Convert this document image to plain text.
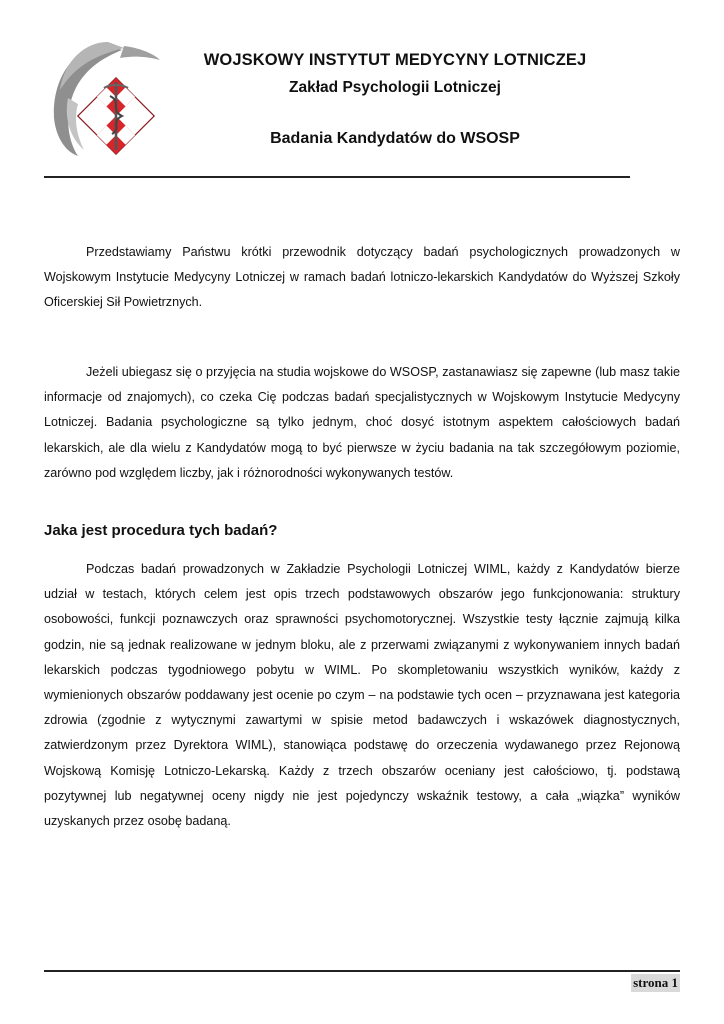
WOJSKOWY INSTYTUT MEDYCYNY LOTNICZEJ
Zakład Psychologii Lotniczej
Badania Kandydatów do WSOSP

Przedstawiamy Państwu krótki przewodnik dotyczący badań psychologicznych prowadzonych w Wojskowym Instytucie Medycyny Lotniczej w ramach badań lotniczo-lekarskich Kandydatów do Wyższej Szkoły Oficerskiej Sił Powietrznych.

Jeżeli ubiegasz się o przyjęcia na studia wojskowe do WSOSP, zastanawiasz się zapewne (lub masz takie informacje od znajomych), co czeka Cię podczas badań specjalistycznych w Wojskowym Instytucie Medycyny Lotniczej. Badania psychologiczne są tylko jednym, choć dosyć istotnym aspektem całościowych badań lekarskich, ale dla wielu z Kandydatów mogą to być pierwsze w życiu badania na tak szczegółowym poziomie, zarówno pod względem liczby, jak i różnorodności wykonywanych testów.

Jaka jest procedura tych badań?

Podczas badań prowadzonych w Zakładzie Psychologii Lotniczej WIML, każdy z Kandydatów bierze udział w testach, których celem jest opis trzech podstawowych obszarów jego funkcjonowania: struktury osobowości, funkcji poznawczych oraz sprawności psychomotorycznej. Wszystkie testy łącznie zajmują kilka godzin, nie są jednak realizowane w jednym bloku, ale z przerwami związanymi z wykonywaniem innych badań lekarskich podczas tygodniowego pobytu w WIML. Po skompletowaniu wszystkich wyników, każdy z wymienionych obszarów poddawany jest ocenie po czym – na podstawie tych ocen – przyznawana jest kategoria zdrowia (zgodnie z wytycznymi zawartymi w spisie metod badawczych i wskazówek diagnostycznych, zatwierdzonym przez Dyrektora WIML), stanowiąca podstawę do orzeczenia wydawanego przez Rejonową Wojskową Komisję Lotniczo-Lekarską. Każdy z trzech obszarów oceniany jest całościowo, tj. podstawą pozytywnej lub negatywnej oceny nigdy nie jest pojedynczy wskaźnik testowy, a cała „wiązka” wyników uzyskanych przez osobę badaną.

strona 1
